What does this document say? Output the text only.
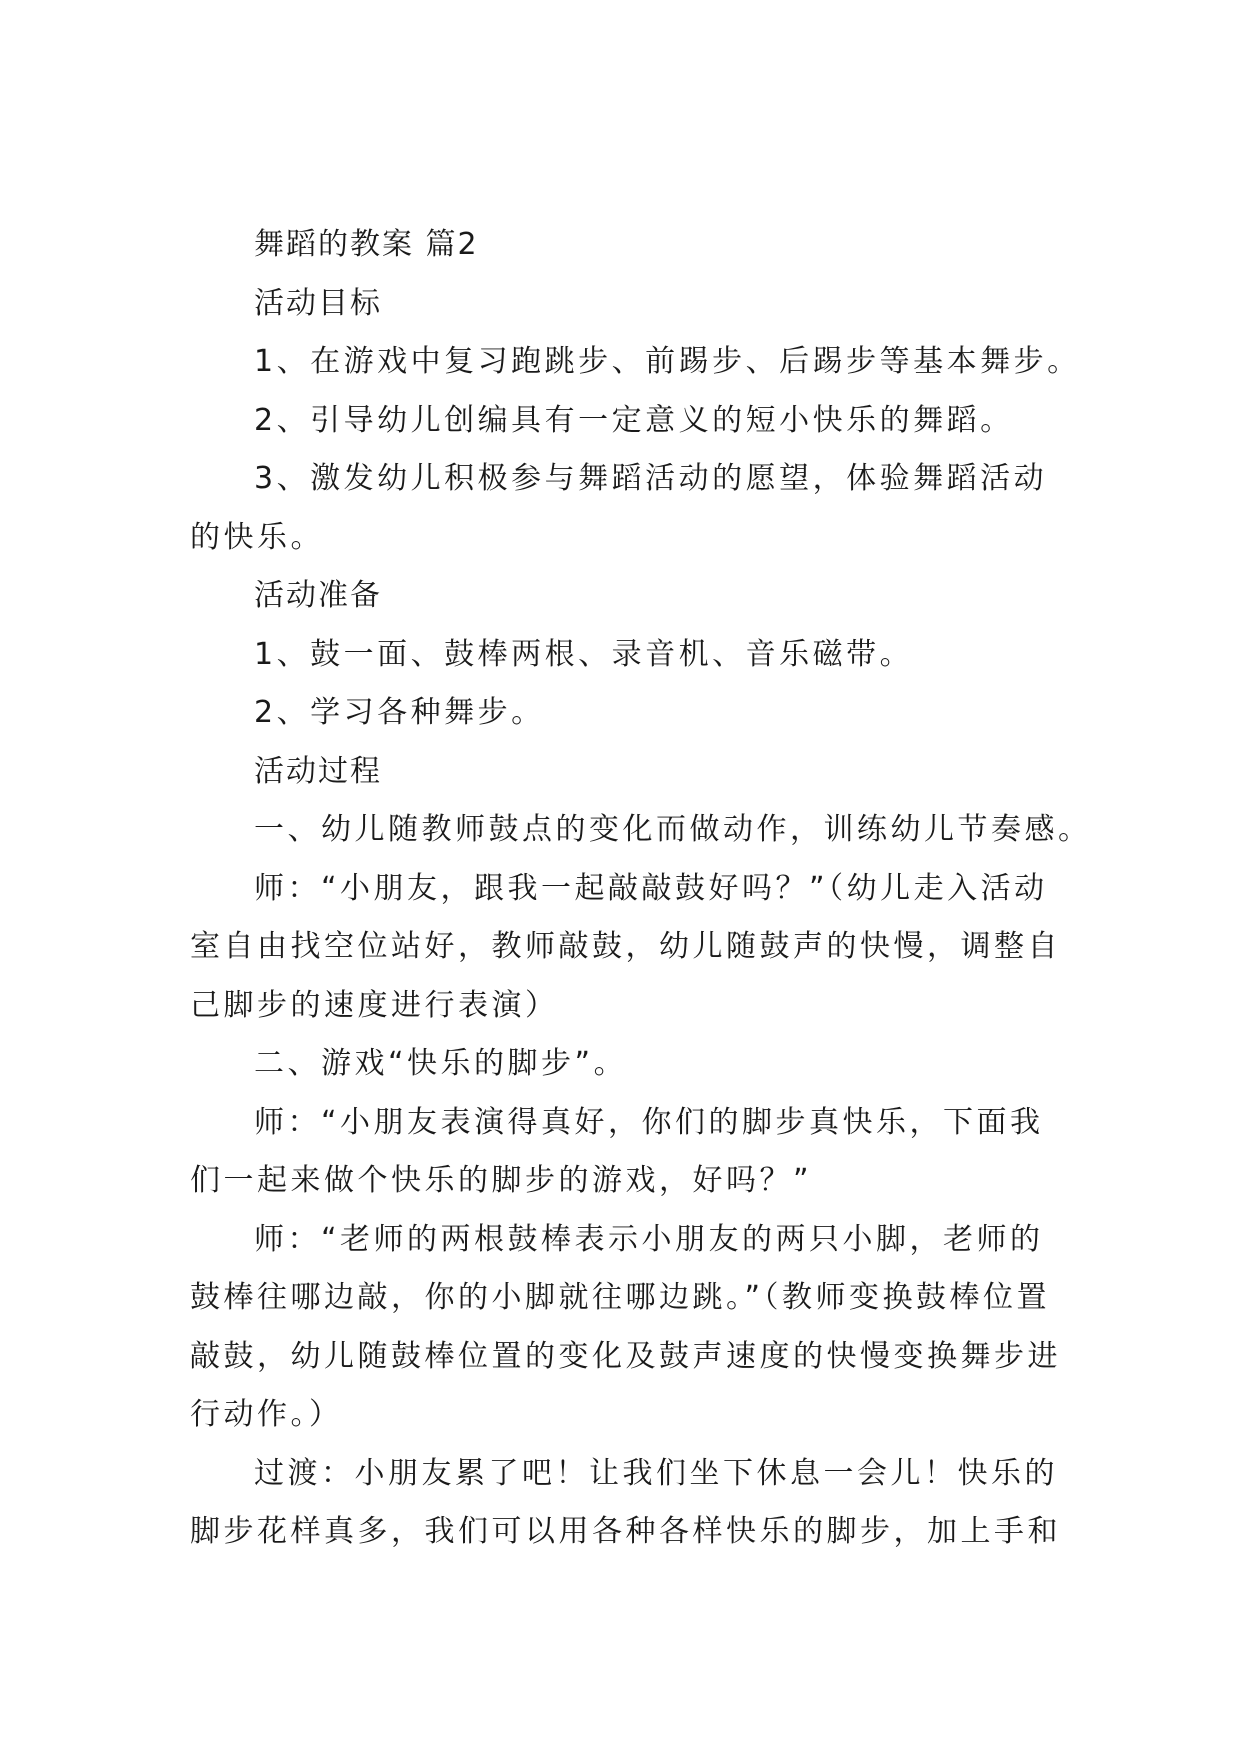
舞蹈的教案 篇2
活动目标
1、在游戏中复习跑跳步、前踢步、后踢步等基本舞步。
2、引导幼儿创编具有一定意义的短小快乐的舞蹈。
3、激发幼儿积极参与舞蹈活动的愿望，体验舞蹈活动
的快乐。
活动准备
1、鼓一面、鼓棒两根、录音机、音乐磁带。
2、学习各种舞步。
活动过程
一、幼儿随教师鼓点的变化而做动作，训练幼儿节奏感。
师：“小朋友，跟我一起敲敲鼓好吗？”（幼儿走入活动
室自由找空位站好，教师敲鼓，幼儿随鼓声的快慢，调整自
己脚步的速度进行表演）
二、游戏“快乐的脚步”。
师：“小朋友表演得真好，你们的脚步真快乐，下面我
们一起来做个快乐的脚步的游戏，好吗？”
师：“老师的两根鼓棒表示小朋友的两只小脚，老师的
鼓棒往哪边敲，你的小脚就往哪边跳。”（教师变换鼓棒位置
敲鼓，幼儿随鼓棒位置的变化及鼓声速度的快慢变换舞步进
行动作。）
过渡：小朋友累了吧！让我们坐下休息一会儿！快乐的
脚步花样真多，我们可以用各种各样快乐的脚步，加上手和
